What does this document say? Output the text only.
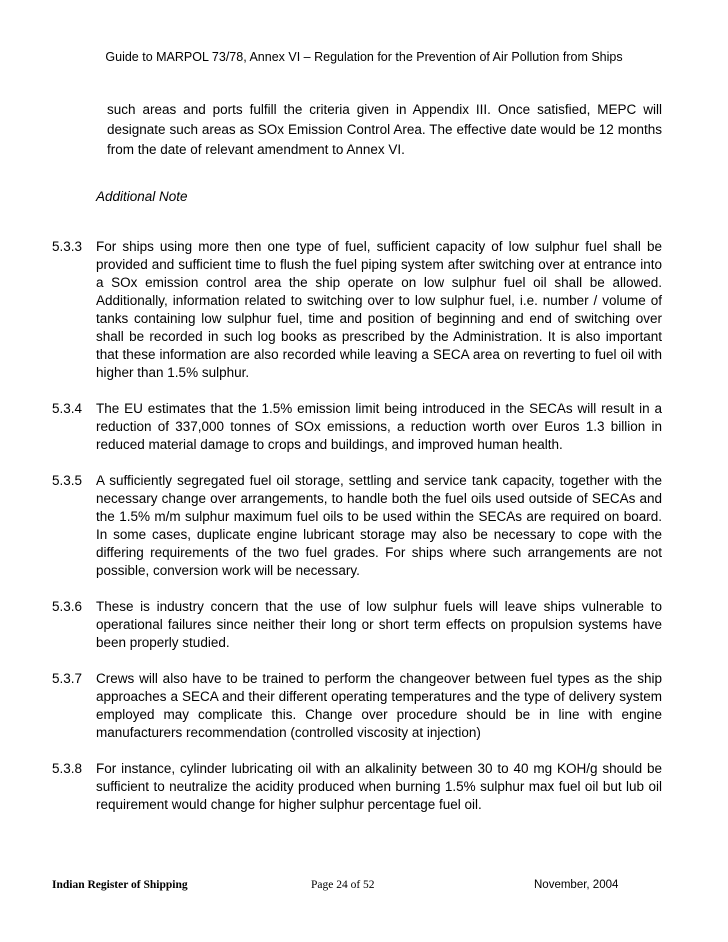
Guide to MARPOL 73/78, Annex VI – Regulation for the Prevention of Air Pollution from Ships
such areas and ports fulfill the criteria given in Appendix III. Once satisfied, MEPC will designate such areas as SOx Emission Control Area. The effective date would be 12 months from the date of relevant amendment to Annex VI.
Additional Note
5.3.3	For ships using more then one type of fuel, sufficient capacity of low sulphur fuel shall be provided and sufficient time to flush the fuel piping system after switching over at entrance into a SOx emission control area the ship operate on low sulphur fuel oil shall be allowed. Additionally, information related to switching over to low sulphur fuel, i.e. number / volume of tanks containing low sulphur fuel, time and position of beginning and end of switching over shall be recorded in such log books as prescribed by the Administration. It is also important that these information are also recorded while leaving a SECA area on reverting to fuel oil with higher than 1.5% sulphur.
5.3.4	The EU estimates that the 1.5% emission limit being introduced in the SECAs will result in a reduction of 337,000 tonnes of SOx emissions, a reduction worth over Euros 1.3 billion in reduced material damage to crops and buildings, and improved human health.
5.3.5	A sufficiently segregated fuel oil storage, settling and service tank capacity, together with the necessary change over arrangements, to handle both the fuel oils used outside of SECAs and the 1.5% m/m sulphur maximum fuel oils to be used within the SECAs are required on board. In some cases, duplicate engine lubricant storage may also be necessary to cope with the differing requirements of the two fuel grades. For ships where such arrangements are not possible, conversion work will be necessary.
5.3.6	These is industry concern that the use of low sulphur fuels will leave ships vulnerable to operational failures since neither their long or short term effects on propulsion systems have been properly studied.
5.3.7	Crews will also have to be trained to perform the changeover between fuel types as the ship approaches a SECA and their different operating temperatures and the type of delivery system employed may complicate this. Change over procedure should be in line with engine manufacturers recommendation (controlled viscosity at injection)
5.3.8	For instance, cylinder lubricating oil with an alkalinity between 30 to 40 mg KOH/g should be sufficient to neutralize the acidity produced when burning 1.5% sulphur max fuel oil but lub oil requirement would change for higher sulphur percentage fuel oil.
Indian Register of Shipping	Page 24 of 52	November, 2004
